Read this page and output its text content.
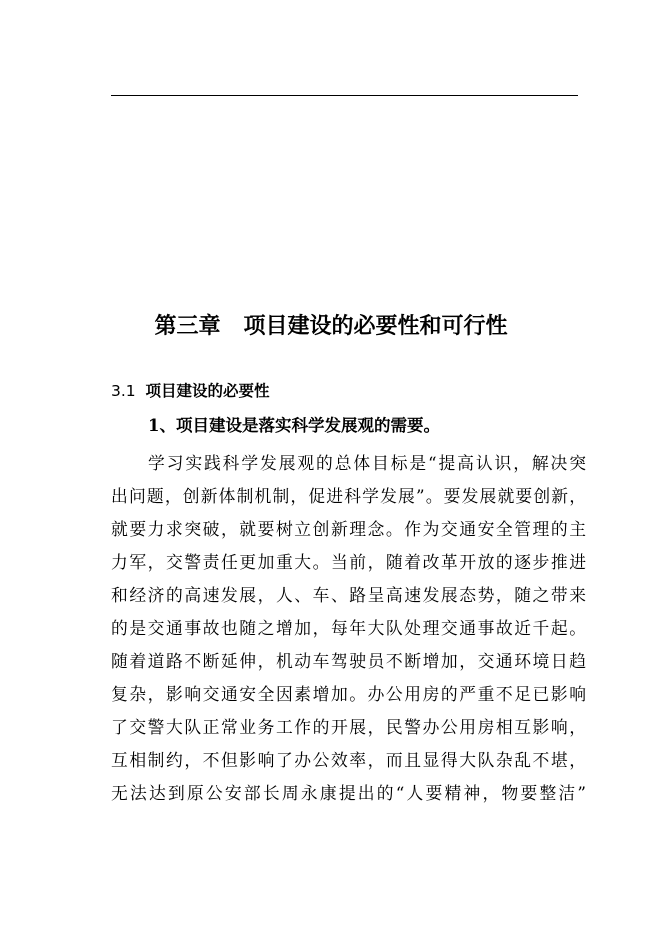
第三章   项目建设的必要性和可行性
3.1 项目建设的必要性
1、项目建设是落实科学发展观的需要。
学习实践科学发展观的总体目标是“提高认识，解决突
出问题，创新体制机制，促进科学发展”。要发展就要创新，
就要力求突破，就要树立创新理念。作为交通安全管理的主
力军，交警责任更加重大。当前，随着改革开放的逐步推进
和经济的高速发展，人、车、路呈高速发展态势，随之带来
的是交通事故也随之增加，每年大队处理交通事故近千起。
随着道路不断延伸，机动车驾驶员不断增加，交通环境日趋
复杂，影响交通安全因素增加。办公用房的严重不足已影响
了交警大队正常业务工作的开展，民警办公用房相互影响，
互相制约，不但影响了办公效率，而且显得大队杂乱不堪，
无法达到原公安部长周永康提出的“人要精神，物要整洁”
